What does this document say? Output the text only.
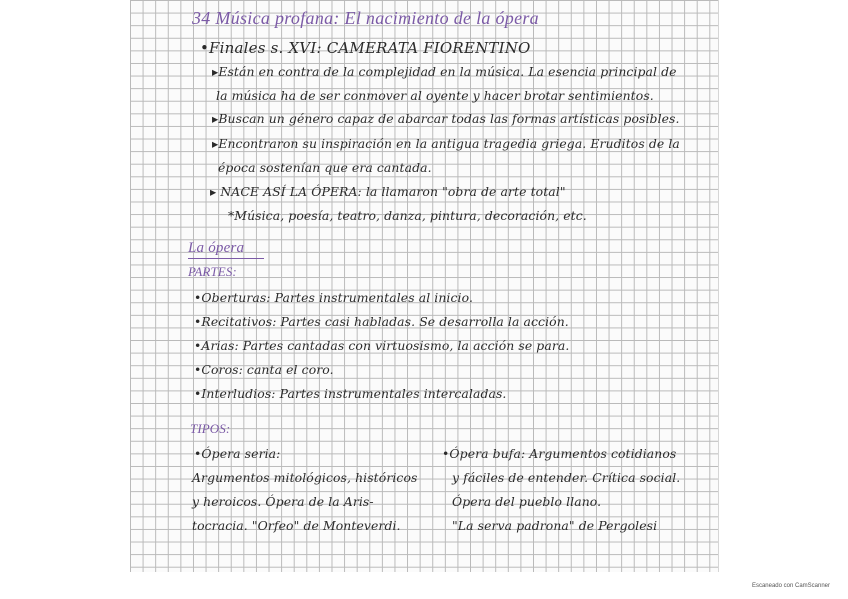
34 Música profana: El nacimiento de la ópera
•Finales s. XVI: CAMERATA FIORENTINO
▸Están en contra de la complejidad en la música. La esencia principal de
la música ha de ser conmover al oyente y hacer brotar sentimientos.
▸Buscan un género capaz de abarcar todas las formas artísticas posibles.
▸Encontraron su inspiración en la antigua tragedia griega. Eruditos de la
época sostenían que era cantada.
▸ NACE ASÍ LA ÓPERA: la llamaron "obra de arte total"
*Música, poesía, teatro, danza, pintura, decoración, etc.
La ópera
PARTES:
•Oberturas: Partes instrumentales al inicio.
•Recitativos: Partes casi habladas. Se desarrolla la acción.
•Arias: Partes cantadas con virtuosismo, la acción se para.
•Coros: canta el coro.
•Interludios: Partes instrumentales intercaladas.
TIPOS:
•Ópera seria:
Argumentos mitológicos, históricos
y heroicos. Ópera de la Aris-
tocracia. "Orfeo" de Monteverdi.
•Ópera bufa: Argumentos cotidianos
y fáciles de entender. Crítica social.
Ópera del pueblo llano.
"La serva padrona" de Pergolesi
Escaneado con CamScanner
